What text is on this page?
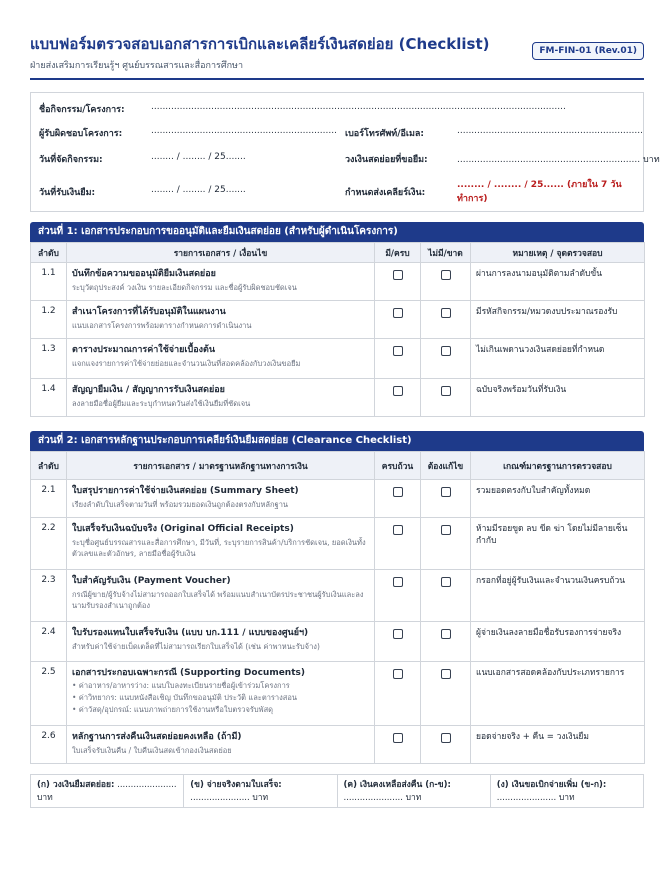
แบบฟอร์มตรวจสอบเอกสารการเบิกและเคลียร์เงินสดย่อย (Checklist)
ฝ่ายส่งเสริมการเรียนรู้ฯ ศูนย์บรรณสารและสื่อการศึกษา
FM-FIN-01 (Rev.01)
ชื่อกิจกรรม/โครงการ:	.................................................................................................................................................
ผู้รับผิดชอบโครงการ:	................................................................. เบอร์โทรศัพท์/อีเมล:	.................................................................
วันที่จัดกิจกรรม:	........ / ........ / 25.......	วงเงินสดย่อยที่ขอยืม:	................................................................ บาท
วันที่รับเงินยืม:	........ / ........ / 25.......	กำหนดส่งเคลียร์เงิน:
........ / ........ / 25...... (ภายใน 7 วันทำการ)
ส่วนที่ 1: เอกสารประกอบการขออนุมัติและยืมเงินสดย่อย (สำหรับผู้ดำเนินโครงการ)
ลำดับ	รายการเอกสาร / เงื่อนไข	มี/ครบ	ไม่มี/ขาด	หมายเหตุ / จุดตรวจสอบ
1.1	บันทึกข้อความขออนุมัติยืมเงินสดย่อย
ระบุวัตถุประสงค์ วงเงิน รายละเอียดกิจกรรม และชื่อผู้รับผิดชอบชัดเจน			ผ่านการลงนามอนุมัติตามลำดับขั้น
1.2	สำเนาโครงการที่ได้รับอนุมัติในแผนงาน
แนบเอกสารโครงการพร้อมตารางกำหนดการดำเนินงาน			มีรหัสกิจกรรม/หมวดงบประมาณรองรับ
1.3	ตารางประมาณการค่าใช้จ่ายเบื้องต้น
แจกแจงรายการค่าใช้จ่ายย่อยและจำนวนเงินที่สอดคล้องกับวงเงินขอยืม			ไม่เกินเพดานวงเงินสดย่อยที่กำหนด
1.4	สัญญายืมเงิน / สัญญาการรับเงินสดย่อย
ลงลายมือชื่อผู้ยืมและระบุกำหนดวันส่งใช้เงินยืมที่ชัดเจน			ฉบับจริงพร้อมวันที่รับเงิน
ส่วนที่ 2: เอกสารหลักฐานประกอบการเคลียร์เงินยืมสดย่อย (Clearance Checklist)
ลำดับ	รายการเอกสาร / มาตรฐานหลักฐานทางการเงิน	ครบถ้วน	ต้องแก้ไข	เกณฑ์มาตรฐานการตรวจสอบ
2.1	ใบสรุปรายการค่าใช้จ่ายเงินสดย่อย (Summary Sheet)
เรียงลำดับใบเสร็จตามวันที่ พร้อมรวมยอดเงินถูกต้องตรงกับหลักฐาน			รวมยอดตรงกับใบสำคัญทั้งหมด
2.2	ใบเสร็จรับเงินฉบับจริง (Original Official Receipts)
ระบุชื่อศูนย์บรรณสารและสื่อการศึกษา, มีวันที่, ระบุรายการสินค้า/บริการชัดเจน, ยอดเงินทั้งตัวเลขและตัวอักษร, ลายมือชื่อผู้รับเงิน			ห้ามมีรอยขูด ลบ ขีด ฆ่า โดยไม่มีลายเซ็นกำกับ
2.3	ใบสำคัญรับเงิน (Payment Voucher)
กรณีผู้ขาย/ผู้รับจ้างไม่สามารถออกใบเสร็จได้ พร้อมแนบสำเนาบัตรประชาชนผู้รับเงินและลงนามรับรองสำเนาถูกต้อง			กรอกที่อยู่ผู้รับเงินและจำนวนเงินครบถ้วน
2.4	ใบรับรองแทนใบเสร็จรับเงิน (แบบ บก.111 / แบบของศูนย์ฯ)
สำหรับค่าใช้จ่ายเบ็ดเตล็ดที่ไม่สามารถเรียกใบเสร็จได้ (เช่น ค่าพาหนะรับจ้าง)			ผู้จ่ายเงินลงลายมือชื่อรับรองการจ่ายจริง
2.5	เอกสารประกอบเฉพาะกรณี (Supporting Documents)
• ค่าอาหาร/อาหารว่าง: แนบใบลงทะเบียนรายชื่อผู้เข้าร่วมโครงการ
• ค่าวิทยากร: แนบหนังสือเชิญ บันทึกขออนุมัติ ประวัติ และตารางสอน
• ค่าวัสดุ/อุปกรณ์: แนบภาพถ่ายการใช้งานหรือใบตรวจรับพัสดุ			แนบเอกสารสอดคล้องกับประเภทรายการ
2.6	หลักฐานการส่งคืนเงินสดย่อยคงเหลือ (ถ้ามี)
ใบเสร็จรับเงินคืน / ใบคืนเงินสดเข้ากองเงินสดย่อย			ยอดจ่ายจริง + คืน = วงเงินยืม
(ก) วงเงินยืมสดย่อย: ...................... บาท
(ข) จ่ายจริงตามใบเสร็จ: ...................... บาท
(ค) เงินคงเหลือส่งคืน (ก-ข): ...................... บาท
(ง) เงินขอเบิกจ่ายเพิ่ม (ข-ก): ...................... บาท
